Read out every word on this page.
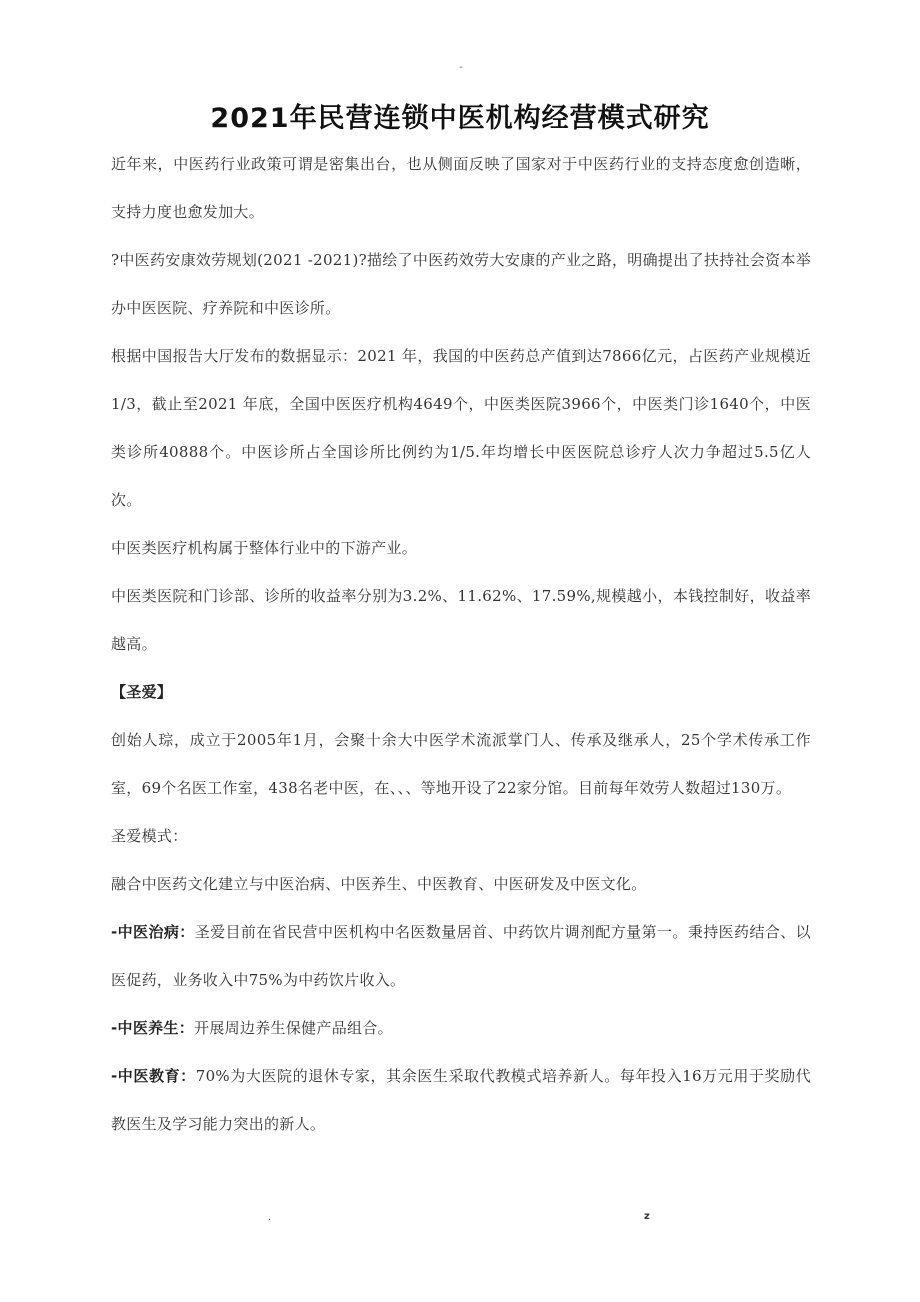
-
2021年民营连锁中医机构经营模式研究

近年来，中医药行业政策可谓是密集出台，也从侧面反映了国家对于中医药行业的支持态度愈创造晰，支持力度也愈发加大。

?中医药安康效劳规划(2021 -2021)?描绘了中医药效劳大安康的产业之路，明确提出了扶持社会资本举办中医医院、疗养院和中医诊所。

根据中国报告大厅发布的数据显示：2021 年，我国的中医药总产值到达7866亿元，占医药产业规模近1/3，截止至2021 年底，全国中医医疗机构4649个，中医类医院3966个，中医类门诊1640个，中医类诊所40888个。中医诊所占全国诊所比例约为1/5.年均增长中医医院总诊疗人次力争超过5.5亿人次。

中医类医疗机构属于整体行业中的下游产业。

中医类医院和门诊部、诊所的收益率分别为3.2%、11.62%、17.59%,规模越小，本钱控制好，收益率越高。

【圣爱】

创始人琮，成立于2005年1月，会聚十余大中医学术流派掌门人、传承及继承人，25个学术传承工作室，69个名医工作室，438名老中医，在、、、等地开设了22家分馆。目前每年效劳人数超过130万。

圣爱模式：

融合中医药文化建立与中医治病、中医养生、中医教育、中医研发及中医文化。

-中医治病：圣爱目前在省民营中医机构中名医数量居首、中药饮片调剂配方量第一。秉持医药结合、以医促药，业务收入中75%为中药饮片收入。

-中医养生：开展周边养生保健产品组合。

-中医教育：70%为大医院的退休专家，其余医生采取代教模式培养新人。每年投入16万元用于奖励代教医生及学习能力突出的新人。

.	z
